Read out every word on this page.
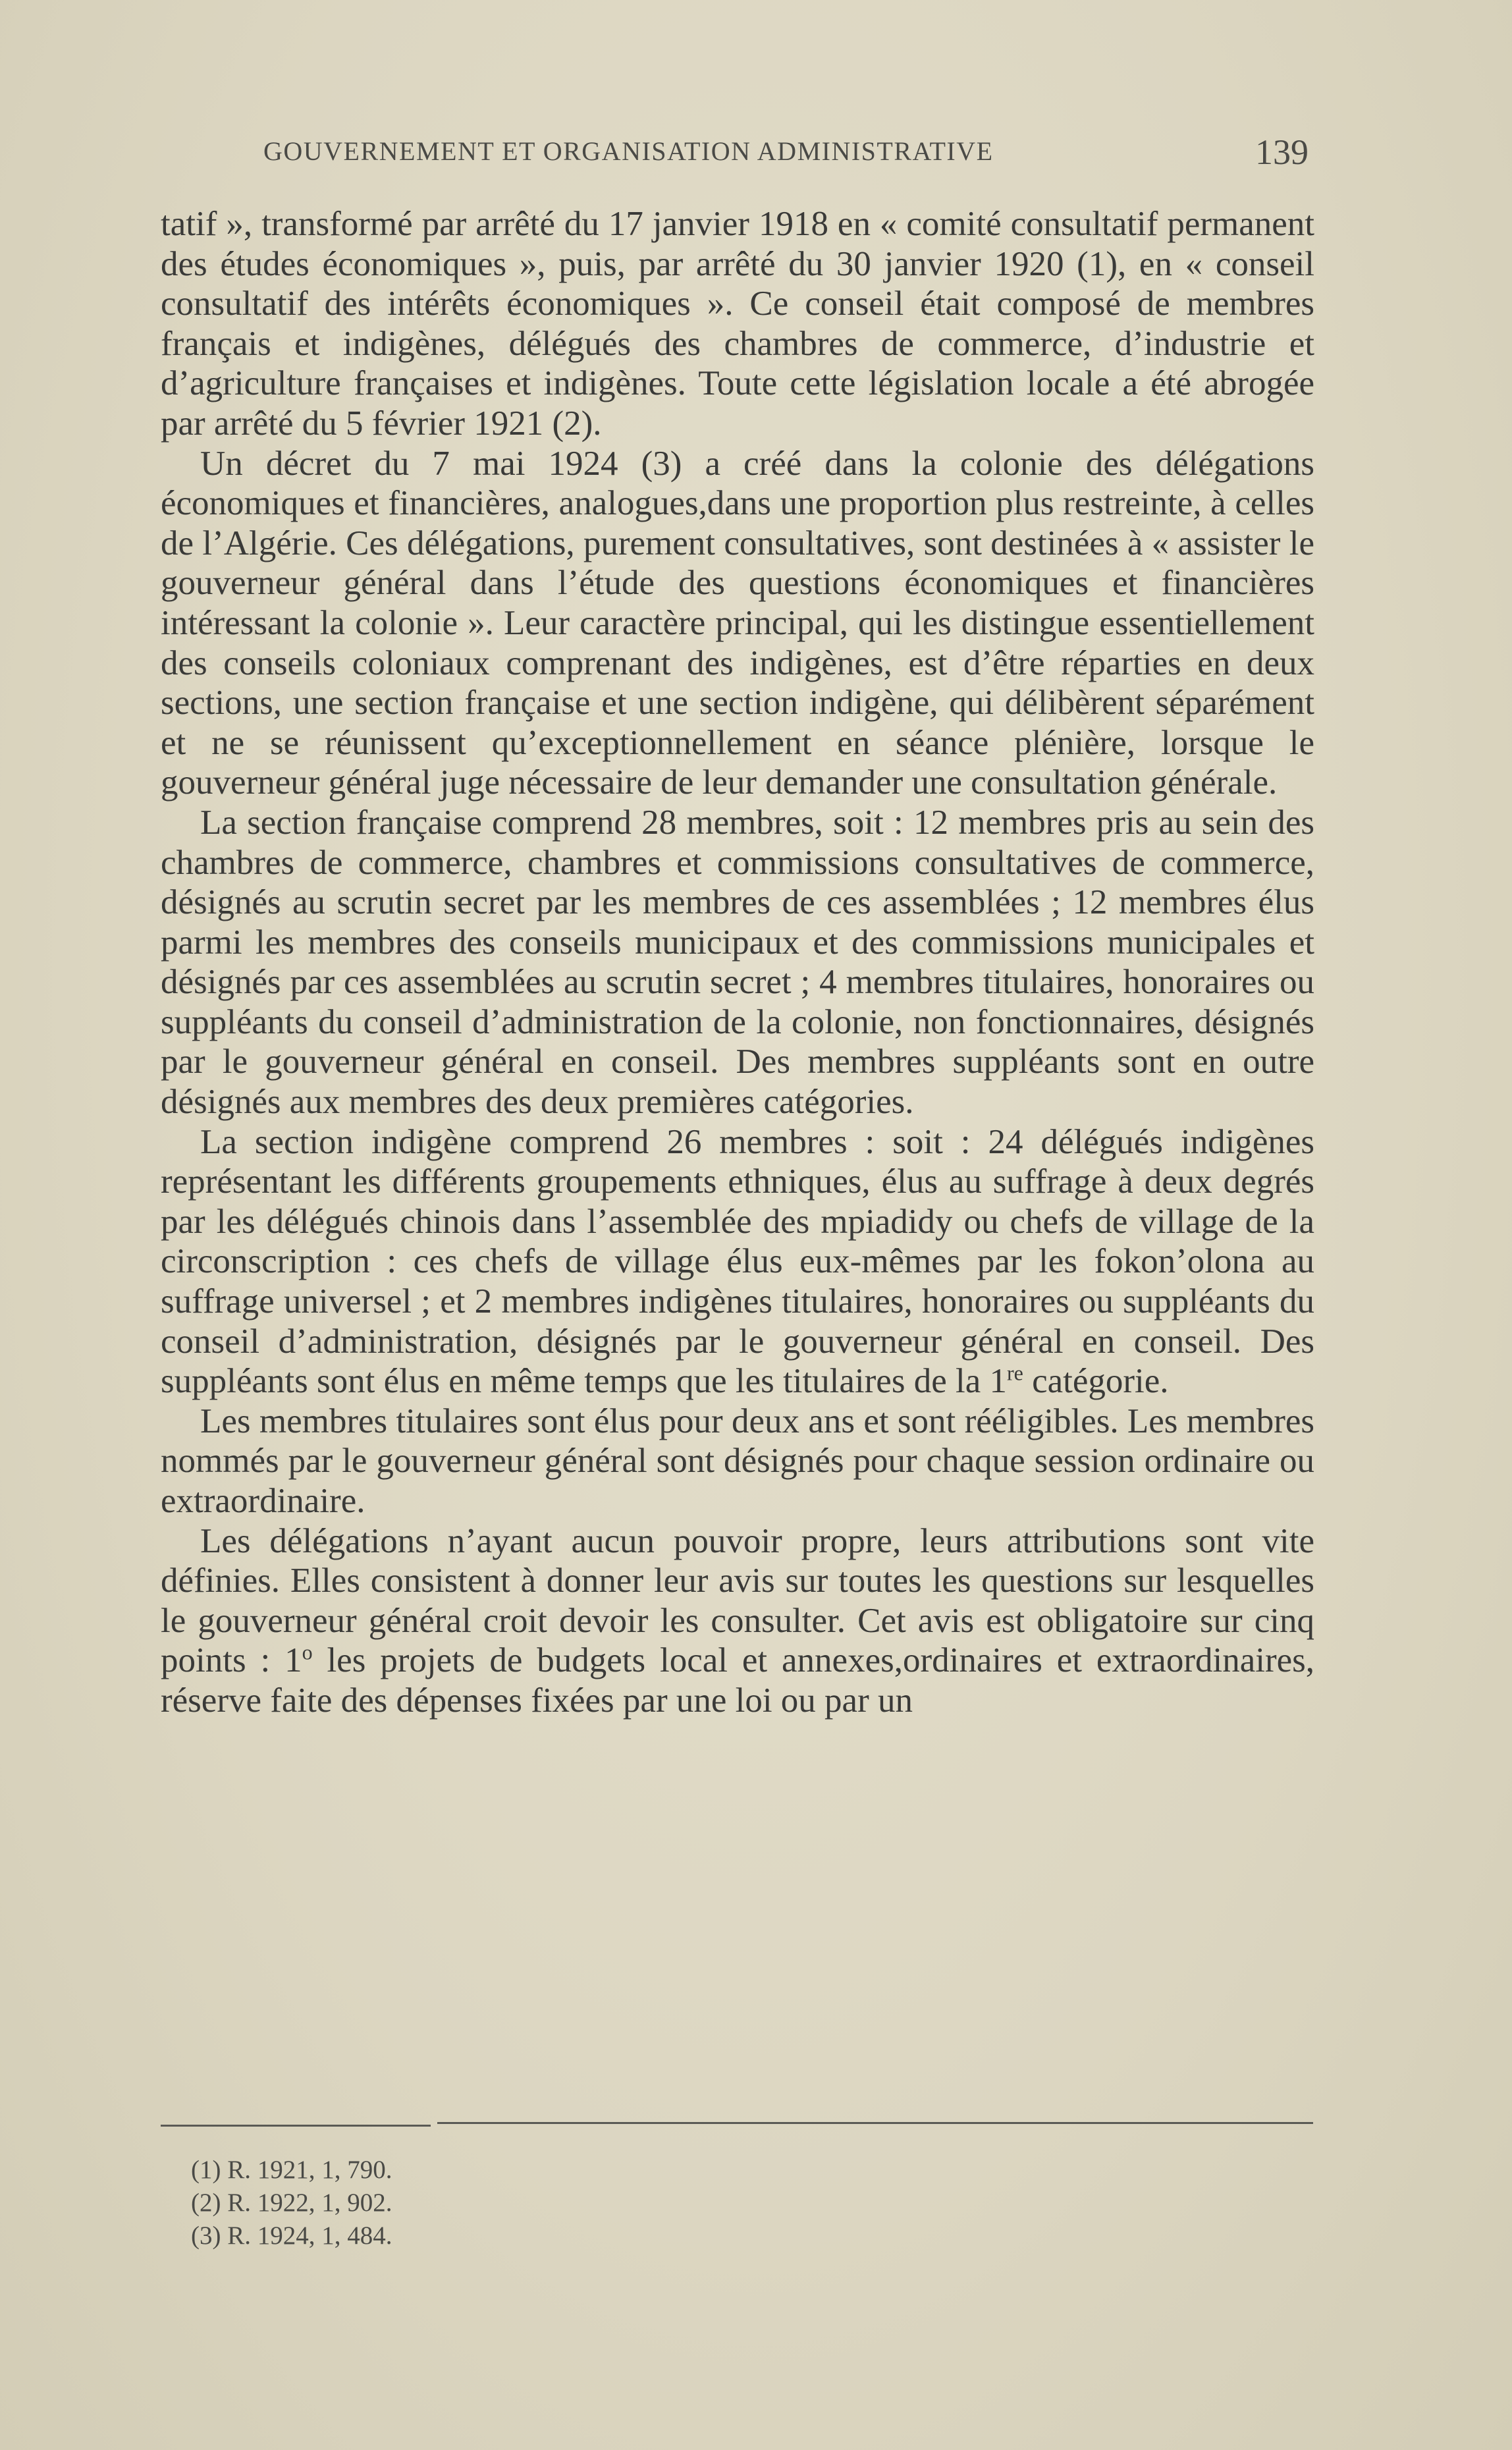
GOUVERNEMENT ET ORGANISATION ADMINISTRATIVE	139

tatif », transformé par arrêté du 17 janvier 1918 en « comité consultatif permanent des études économiques », puis, par arrêté du 30 janvier 1920 (1), en « conseil consultatif des intérêts économiques ». Ce conseil était composé de membres français et indigènes, délégués des chambres de commerce, d’industrie et d’agriculture françaises et indigènes. Toute cette législation locale a été abrogée par arrêté du 5 février 1921 (2).

Un décret du 7 mai 1924 (3) a créé dans la colonie des délégations économiques et financières, analogues,dans une proportion plus restreinte, à celles de l’Algérie. Ces délégations, purement consultatives, sont destinées à « assister le gouverneur général dans l’étude des questions économiques et financières intéressant la colonie ». Leur caractère principal, qui les distingue essentiellement des conseils coloniaux comprenant des indigènes, est d’être réparties en deux sections, une section française et une section indigène, qui délibèrent séparément et ne se réunissent qu’exceptionnellement en séance plénière, lorsque le gouverneur général juge nécessaire de leur demander une consultation générale.

La section française comprend 28 membres, soit : 12 membres pris au sein des chambres de commerce, chambres et commissions consultatives de commerce, désignés au scrutin secret par les membres de ces assemblées ; 12 membres élus parmi les membres des conseils municipaux et des commissions municipales et désignés par ces assemblées au scrutin secret ; 4 membres titulaires, honoraires ou suppléants du conseil d’administration de la colonie, non fonctionnaires, désignés par le gouverneur général en conseil. Des membres suppléants sont en outre désignés aux membres des deux premières catégories.

La section indigène comprend 26 membres : soit : 24 délégués indigènes représentant les différents groupements ethniques, élus au suffrage à deux degrés par les délégués chinois dans l’assemblée des mpiadidy ou chefs de village de la circonscription : ces chefs de village élus eux-mêmes par les fokon’olona au suffrage universel ; et 2 membres indigènes titulaires, honoraires ou suppléants du conseil d’administration, désignés par le gouverneur général en conseil. Des suppléants sont élus en même temps que les titulaires de la 1re catégorie.

Les membres titulaires sont élus pour deux ans et sont rééligibles. Les membres nommés par le gouverneur général sont désignés pour chaque session ordinaire ou extraordinaire.

Les délégations n’ayant aucun pouvoir propre, leurs attributions sont vite définies. Elles consistent à donner leur avis sur toutes les questions sur lesquelles le gouverneur général croit devoir les consulter. Cet avis est obligatoire sur cinq points : 1$^o$ les projets de budgets local et annexes,ordinaires et extraordinaires, réserve faite des dépenses fixées par une loi ou par un

(1) R. 1921, 1, 790.
(2) R. 1922, 1, 902.
(3) R. 1924, 1, 484.
